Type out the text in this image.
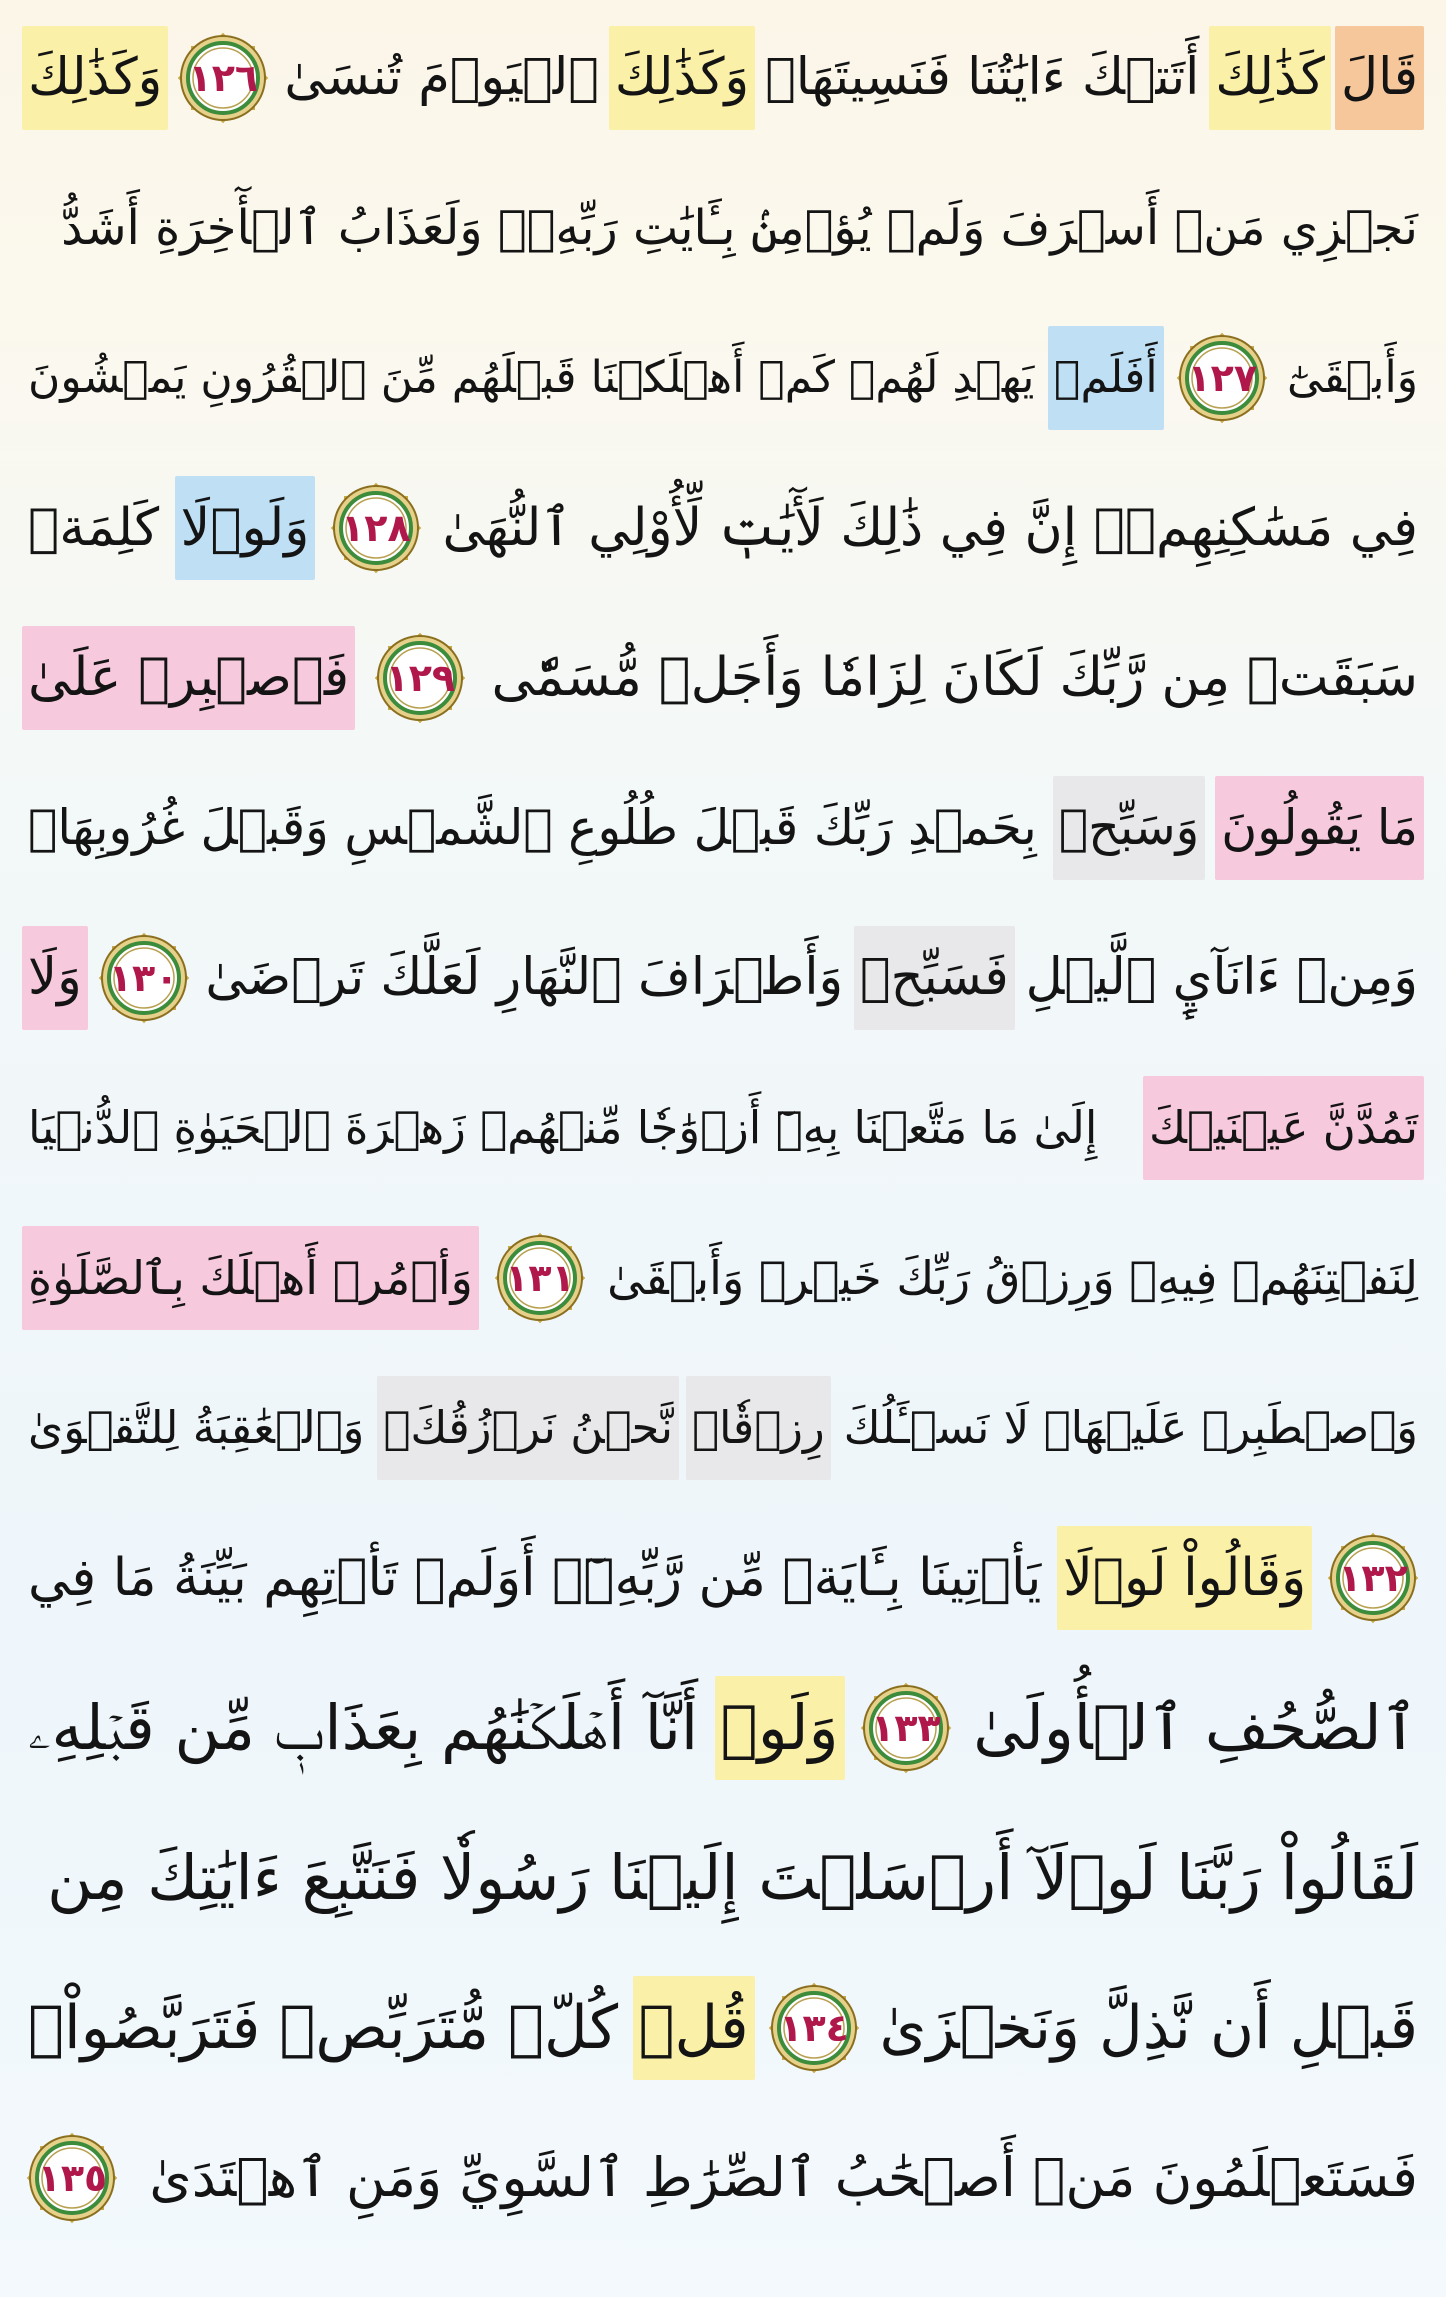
قَالَ
كَذَٰلِكَ
أَتَتۡكَ ءَايَٰتُنَا فَنَسِيتَهَاۖ
وَكَذَٰلِكَ
ٱلۡيَوۡمَ تُنسَىٰ
١٢٦
وَكَذَٰلِكَ
نَجۡزِي مَنۡ أَسۡرَفَ وَلَمۡ يُؤۡمِنۢ بِـَٔايَٰتِ رَبِّهِۦۚ وَلَعَذَابُ ٱلۡأٓخِرَةِ أَشَدُّ
وَأَبۡقَىٰٓ
١٢٧
أَفَلَمۡ
يَهۡدِ لَهُمۡ كَمۡ أَهۡلَكۡنَا قَبۡلَهُم مِّنَ ٱلۡقُرُونِ يَمۡشُونَ
فِي مَسَٰكِنِهِمۡۚ إِنَّ فِي ذَٰلِكَ لَأٓيَٰتٖ لِّأُوْلِي ٱلنُّهَىٰ
١٢٨
وَلَوۡلَا
كَلِمَةٞ
سَبَقَتۡ مِن رَّبِّكَ لَكَانَ لِزَامٗا وَأَجَلٞ مُّسَمّٗى
١٢٩
فَٱصۡبِرۡ عَلَىٰ
مَا يَقُولُونَ
وَسَبِّحۡ
بِحَمۡدِ رَبِّكَ قَبۡلَ طُلُوعِ ٱلشَّمۡسِ وَقَبۡلَ غُرُوبِهَاۖ
وَمِنۡ ءَانَآيِٕ ٱلَّيۡلِ
فَسَبِّحۡ
وَأَطۡرَافَ ٱلنَّهَارِ لَعَلَّكَ تَرۡضَىٰ
١٣٠
وَلَا
تَمُدَّنَّ عَيۡنَيۡكَ
إِلَىٰ مَا مَتَّعۡنَا بِهِۦٓ أَزۡوَٰجٗا مِّنۡهُمۡ زَهۡرَةَ ٱلۡحَيَوٰةِ ٱلدُّنۡيَا
لِنَفۡتِنَهُمۡ فِيهِۚ وَرِزۡقُ رَبِّكَ خَيۡرٞ وَأَبۡقَىٰ
١٣١
وَأۡمُرۡ أَهۡلَكَ بِٱلصَّلَوٰةِ
وَٱصۡطَبِرۡ عَلَيۡهَاۖ لَا نَسۡـَٔلُكَ
رِزۡقٗاۖ
نَّحۡنُ نَرۡزُقُكَۗ
وَٱلۡعَٰقِبَةُ لِلتَّقۡوَىٰ
١٣٢
وَقَالُواْ لَوۡلَا
يَأۡتِينَا بِـَٔايَةٖ مِّن رَّبِّهِۦٓۚ أَوَلَمۡ تَأۡتِهِم بَيِّنَةُ مَا فِي
ٱلصُّحُفِ ٱلۡأُولَىٰ
١٣٣
وَلَوۡ
أَنَّآ أَهۡلَكۡنَٰهُم بِعَذَابٖ مِّن قَبۡلِهِۦ
لَقَالُواْ رَبَّنَا لَوۡلَآ أَرۡسَلۡتَ إِلَيۡنَا رَسُولٗا فَنَتَّبِعَ ءَايَٰتِكَ مِن
قَبۡلِ أَن نَّذِلَّ وَنَخۡزَىٰ
١٣٤
قُلۡ
كُلّٞ مُّتَرَبِّصٞ فَتَرَبَّصُواْۖ
فَسَتَعۡلَمُونَ مَنۡ أَصۡحَٰبُ ٱلصِّرَٰطِ ٱلسَّوِيِّ وَمَنِ ٱهۡتَدَىٰ
١٣٥
